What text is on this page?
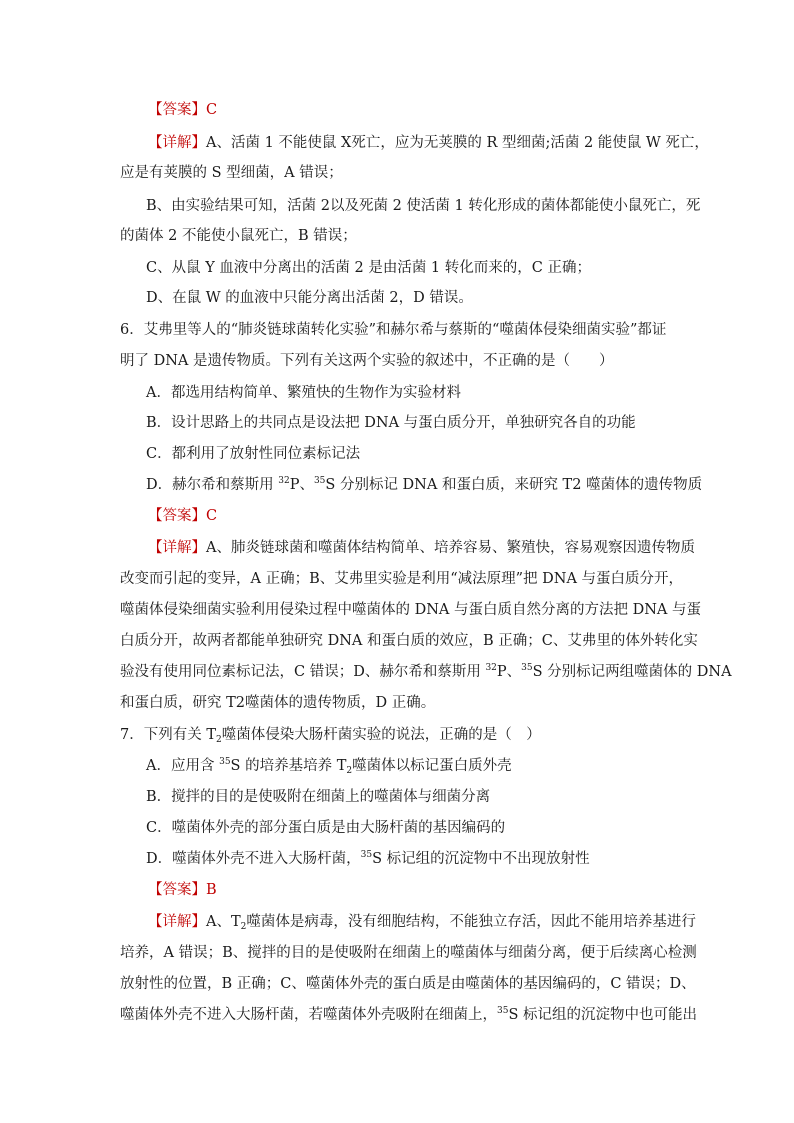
【答案】C
【详解】A、活菌 1 不能使鼠 X死亡，应为无荚膜的 R 型细菌;活菌 2 能使鼠 W 死亡，
应是有荚膜的 S 型细菌，A 错误；
B、由实验结果可知，活菌 2以及死菌 2 使活菌 1 转化形成的菌体都能使小鼠死亡，死
的菌体 2 不能使小鼠死亡，B 错误；
C、从鼠 Y 血液中分离出的活菌 2 是由活菌 1 转化而来的，C 正确；
D、在鼠 W 的血液中只能分离出活菌 2，D 错误。
6．艾弗里等人的“肺炎链球菌转化实验”和赫尔希与蔡斯的“噬菌体侵染细菌实验”都证
明了 DNA 是遗传物质。下列有关这两个实验的叙述中，不正确的是（　　）
A．都选用结构简单、繁殖快的生物作为实验材料
B．设计思路上的共同点是设法把 DNA 与蛋白质分开，单独研究各自的功能
C．都利用了放射性同位素标记法
D．赫尔希和蔡斯用 $^{32}$P、$^{35}$S 分别标记 DNA 和蛋白质，来研究 T2 噬菌体的遗传物质
【答案】C
【详解】A、肺炎链球菌和噬菌体结构简单、培养容易、繁殖快，容易观察因遗传物质
改变而引起的变异，A 正确；B、艾弗里实验是利用“减法原理”把 DNA 与蛋白质分开，
噬菌体侵染细菌实验利用侵染过程中噬菌体的 DNA 与蛋白质自然分离的方法把 DNA 与蛋
白质分开，故两者都能单独研究 DNA 和蛋白质的效应，B 正确；C、艾弗里的体外转化实
验没有使用同位素标记法，C 错误；D、赫尔希和蔡斯用 $^{32}$P、$^{35}$S 分别标记两组噬菌体的 DNA
和蛋白质，研究 T2噬菌体的遗传物质，D 正确。
7．下列有关 $T_2$噬菌体侵染大肠杆菌实验的说法，正确的是（　）
A．应用含 $^{35}$S 的培养基培养 $T_2$噬菌体以标记蛋白质外壳
B．搅拌的目的是使吸附在细菌上的噬菌体与细菌分离
C．噬菌体外壳的部分蛋白质是由大肠杆菌的基因编码的
D．噬菌体外壳不进入大肠杆菌，$^{35}$S 标记组的沉淀物中不出现放射性
【答案】B
【详解】A、$T_2$噬菌体是病毒，没有细胞结构，不能独立存活，因此不能用培养基进行
培养，A 错误；B、搅拌的目的是使吸附在细菌上的噬菌体与细菌分离，便于后续离心检测
放射性的位置，B 正确；C、噬菌体外壳的蛋白质是由噬菌体的基因编码的，C 错误；D、
噬菌体外壳不进入大肠杆菌，若噬菌体外壳吸附在细菌上，$^{35}$S 标记组的沉淀物中也可能出
